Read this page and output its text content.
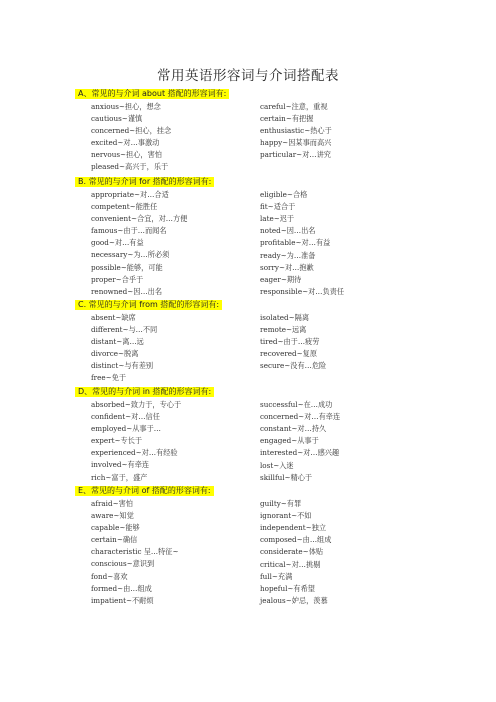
常用英语形容词与介词搭配表
A、常见的与介词 about 搭配的形容词有:
anxious~担心，想念
cautious~谨慎
concerned~担心，挂念
excited~对…事激动
nervous~担心，害怕
pleased~高兴于，乐于
careful~注意，重视
certain~有把握
enthusiastic~热心于
happy~因某事而高兴
particular~对…讲究
B. 常见的与介词 for 搭配的形容词有:
appropriate~对…合适
competent~能胜任
convenient~合宜，对…方便
famous~由于…而闻名
good~对…有益
necessary~为…所必须
possible~能够，可能
proper~合乎于
renowned~因…出名
eligible~合格
fit~适合于
late~迟于
noted~因…出名
profitable~对…有益
ready~为…准备
sorry~对…抱歉
eager~期待
responsible~对…负责任
C. 常见的与介词 from 搭配的形容词有:
absent~缺席
different~与…不同
distant~离…远
divorce~脱离
distinct~与有差别
free~免于
isolated~隔离
remote~远离
tired~由于…疲劳
recovered~复原
secure~没有…危险
D、常见的与介词 in 搭配的形容词有:
absorbed~致力于，专心于
confident~对…信任
employed~从事于…
expert~专长于
experienced~对…有经验
involved~有牵连
rich~富于，盛产
successful~在…成功
concerned~对…有牵连
constant~对…持久
engaged~从事于
interested~对…感兴趣
lost~入迷
skillful~精心于
E、常见的与介词 of 搭配的形容词有:
afraid~害怕
aware~知觉
capable~能够
certain~确信
characteristic 呈…特征~
conscious~意识到
fond~喜欢
formed~由…组成
impatient~不耐烦
guilty~有罪
ignorant~不如
independent~独立
composed~由…组成
considerate~体贴
critical~对…挑剔
full~充满
hopeful~有希望
jealous~妒忌，羡慕
